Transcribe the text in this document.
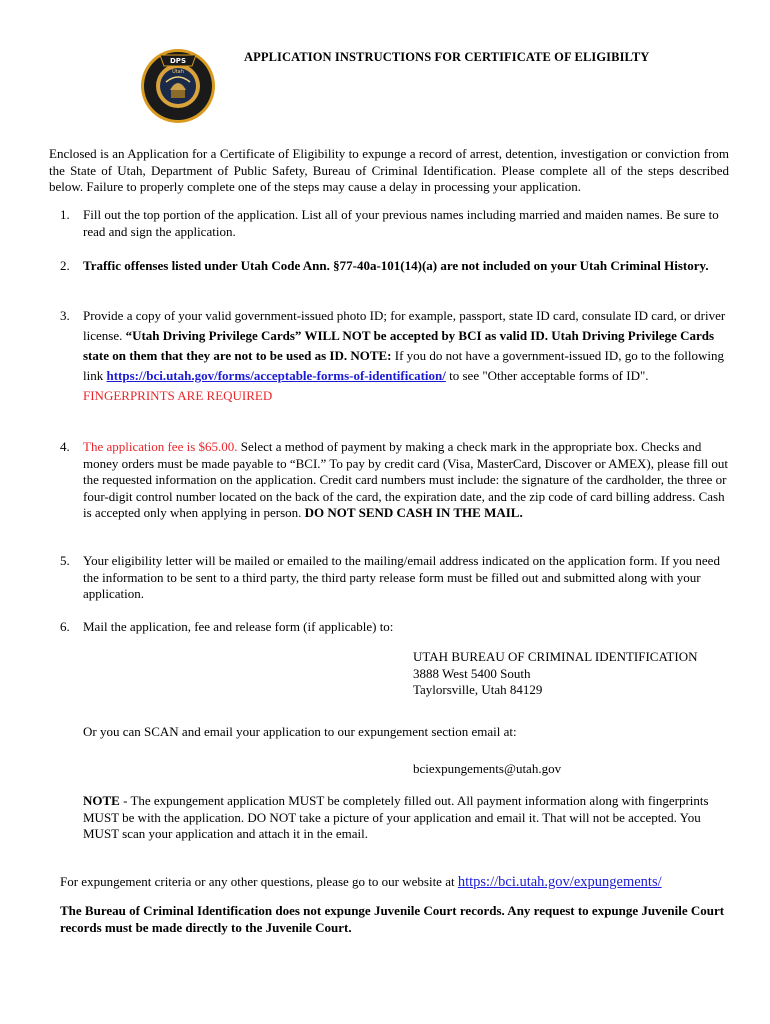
DPS
Utah
APPLICATION INSTRUCTIONS FOR CERTIFICATE OF ELIGIBILTY
Enclosed is an Application for a Certificate of Eligibility to expunge a record of arrest, detention, investigation or conviction from the State of Utah, Department of Public Safety, Bureau of Criminal Identification. Please complete all of the steps described below. Failure to properly complete one of the steps may cause a delay in processing your application.
1. Fill out the top portion of the application. List all of your previous names including married and maiden names. Be sure to read and sign the application.
2. Traffic offenses listed under Utah Code Ann. §77-40a-101(14)(a) are not included on your Utah Criminal History.
3. Provide a copy of your valid government-issued photo ID; for example, passport, state ID card, consulate ID card, or driver license. “Utah Driving Privilege Cards” WILL NOT be accepted by BCI as valid ID. Utah Driving Privilege Cards state on them that they are not to be used as ID. NOTE: If you do not have a government-issued ID, go to the following link https://bci.utah.gov/forms/acceptable-forms-of-identification/ to see "Other acceptable forms of ID".
FINGERPRINTS ARE REQUIRED
4. The application fee is $65.00. Select a method of payment by making a check mark in the appropriate box. Checks and money orders must be made payable to “BCI.” To pay by credit card (Visa, MasterCard, Discover or AMEX), please fill out the requested information on the application. Credit card numbers must include: the signature of the cardholder, the three or four-digit control number located on the back of the card, the expiration date, and the zip code of card billing address. Cash is accepted only when applying in person. DO NOT SEND CASH IN THE MAIL.
5. Your eligibility letter will be mailed or emailed to the mailing/email address indicated on the application form. If you need the information to be sent to a third party, the third party release form must be filled out and submitted along with your application.
6. Mail the application, fee and release form (if applicable) to:
UTAH BUREAU OF CRIMINAL IDENTIFICATION
3888 West 5400 South
Taylorsville, Utah 84129
Or you can SCAN and email your application to our expungement section email at:
bciexpungements@utah.gov
NOTE - The expungement application MUST be completely filled out. All payment information along with fingerprints MUST be with the application. DO NOT take a picture of your application and email it. That will not be accepted. You MUST scan your application and attach it in the email.
For expungement criteria or any other questions, please go to our website at https://bci.utah.gov/expungements/
The Bureau of Criminal Identification does not expunge Juvenile Court records. Any request to expunge Juvenile Court records must be made directly to the Juvenile Court.
